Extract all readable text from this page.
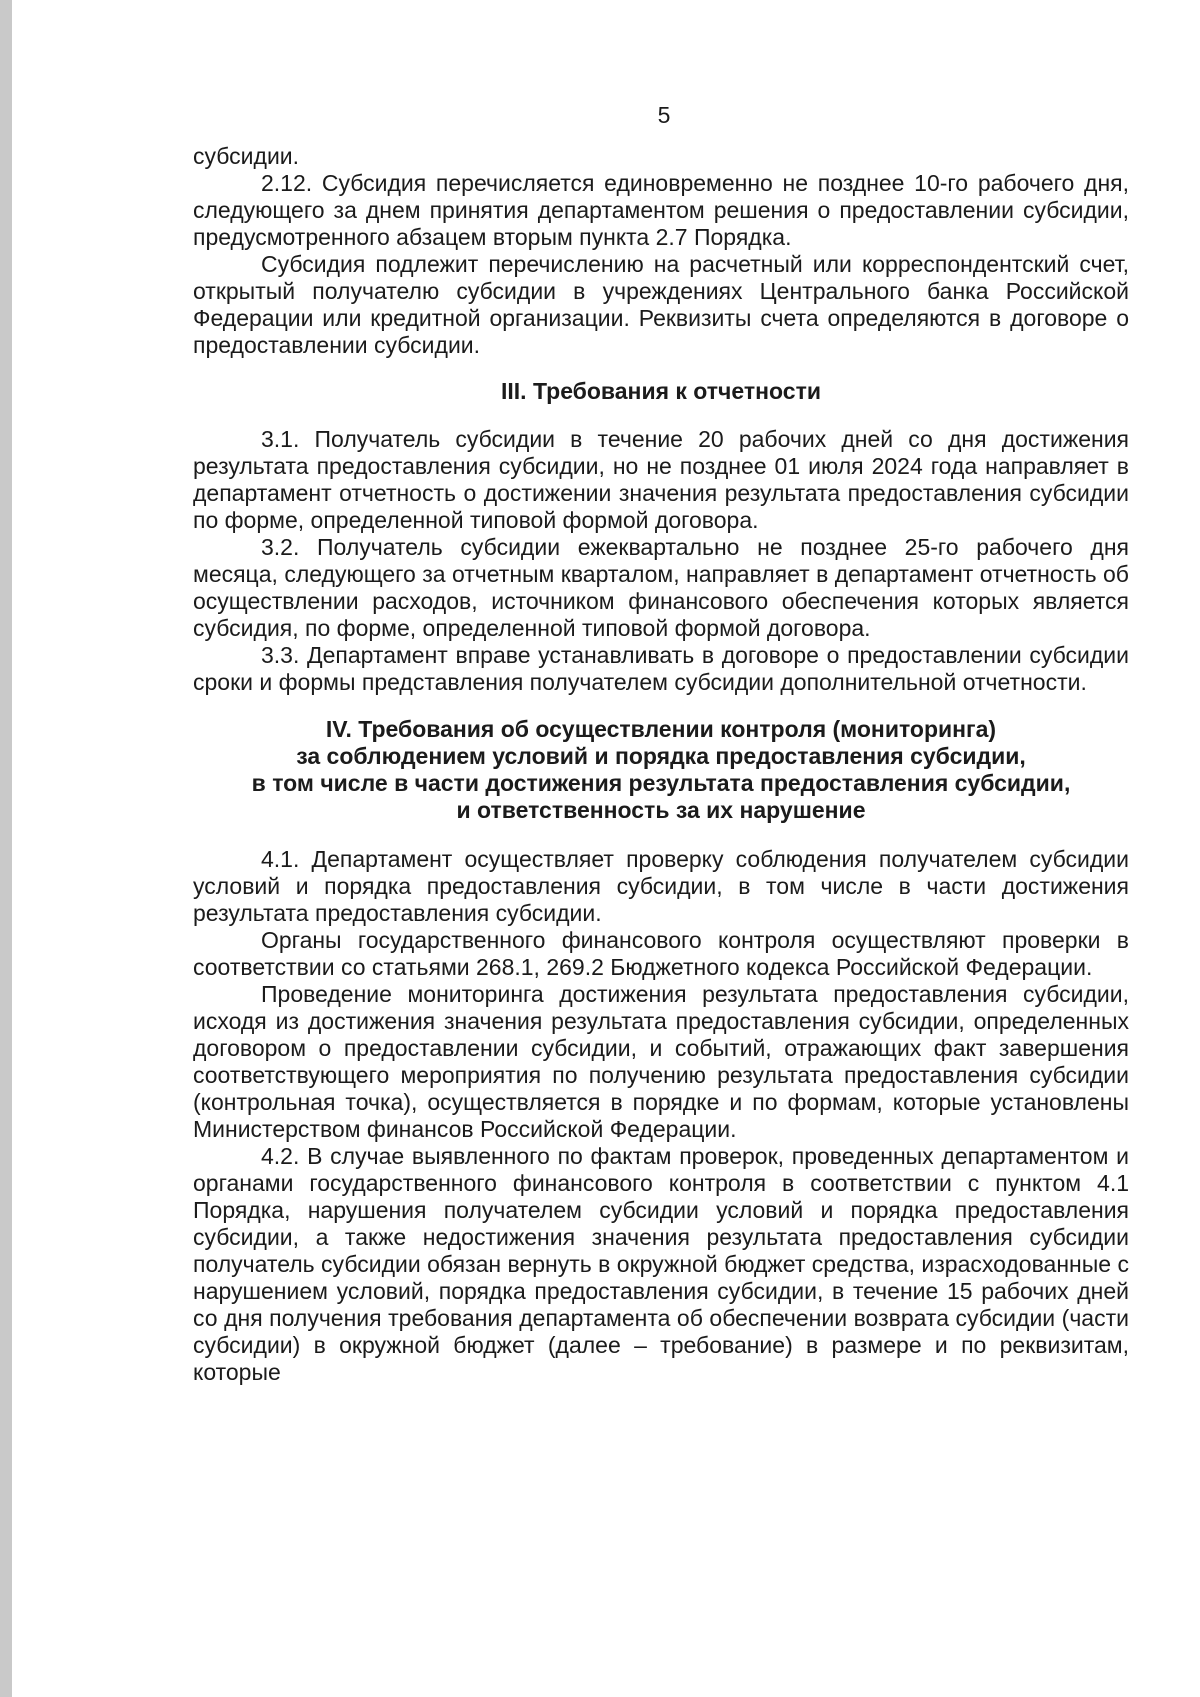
5

субсидии.

2.12. Субсидия перечисляется единовременно не позднее 10-го рабочего дня, следующего за днем принятия департаментом решения о предоставлении субсидии, предусмотренного абзацем вторым пункта 2.7 Порядка.

Субсидия подлежит перечислению на расчетный или корреспондентский счет, открытый получателю субсидии в учреждениях Центрального банка Российской Федерации или кредитной организации. Реквизиты счета определяются в договоре о предоставлении субсидии.

III. Требования к отчетности

3.1. Получатель субсидии в течение 20 рабочих дней со дня достижения результата предоставления субсидии, но не позднее 01 июля 2024 года направляет в департамент отчетность о достижении значения результата предоставления субсидии по форме, определенной типовой формой договора.

3.2. Получатель субсидии ежеквартально не позднее 25-го рабочего дня месяца, следующего за отчетным кварталом, направляет в департамент отчетность об осуществлении расходов, источником финансового обеспечения которых является субсидия, по форме, определенной типовой формой договора.

3.3. Департамент вправе устанавливать в договоре о предоставлении субсидии сроки и формы представления получателем субсидии дополнительной отчетности.

IV. Требования об осуществлении контроля (мониторинга)
за соблюдением условий и порядка предоставления субсидии,
в том числе в части достижения результата предоставления субсидии,
и ответственность за их нарушение

4.1. Департамент осуществляет проверку соблюдения получателем субсидии условий и порядка предоставления субсидии, в том числе в части достижения результата предоставления субсидии.

Органы государственного финансового контроля осуществляют проверки в соответствии со статьями 268.1, 269.2 Бюджетного кодекса Российской Федерации.

Проведение мониторинга достижения результата предоставления субсидии, исходя из достижения значения результата предоставления субсидии, определенных договором о предоставлении субсидии, и событий, отражающих факт завершения соответствующего мероприятия по получению результата предоставления субсидии (контрольная точка), осуществляется в порядке и по формам, которые установлены Министерством финансов Российской Федерации.

4.2. В случае выявленного по фактам проверок, проведенных департаментом и органами государственного финансового контроля в соответствии с пунктом 4.1 Порядка, нарушения получателем субсидии условий и порядка предоставления субсидии, а также недостижения значения результата предоставления субсидии получатель субсидии обязан вернуть в окружной бюджет средства, израсходованные с нарушением условий, порядка предоставления субсидии, в течение 15 рабочих дней со дня получения требования департамента об обеспечении возврата субсидии (части субсидии) в окружной бюджет (далее – требование) в размере и по реквизитам, которые
